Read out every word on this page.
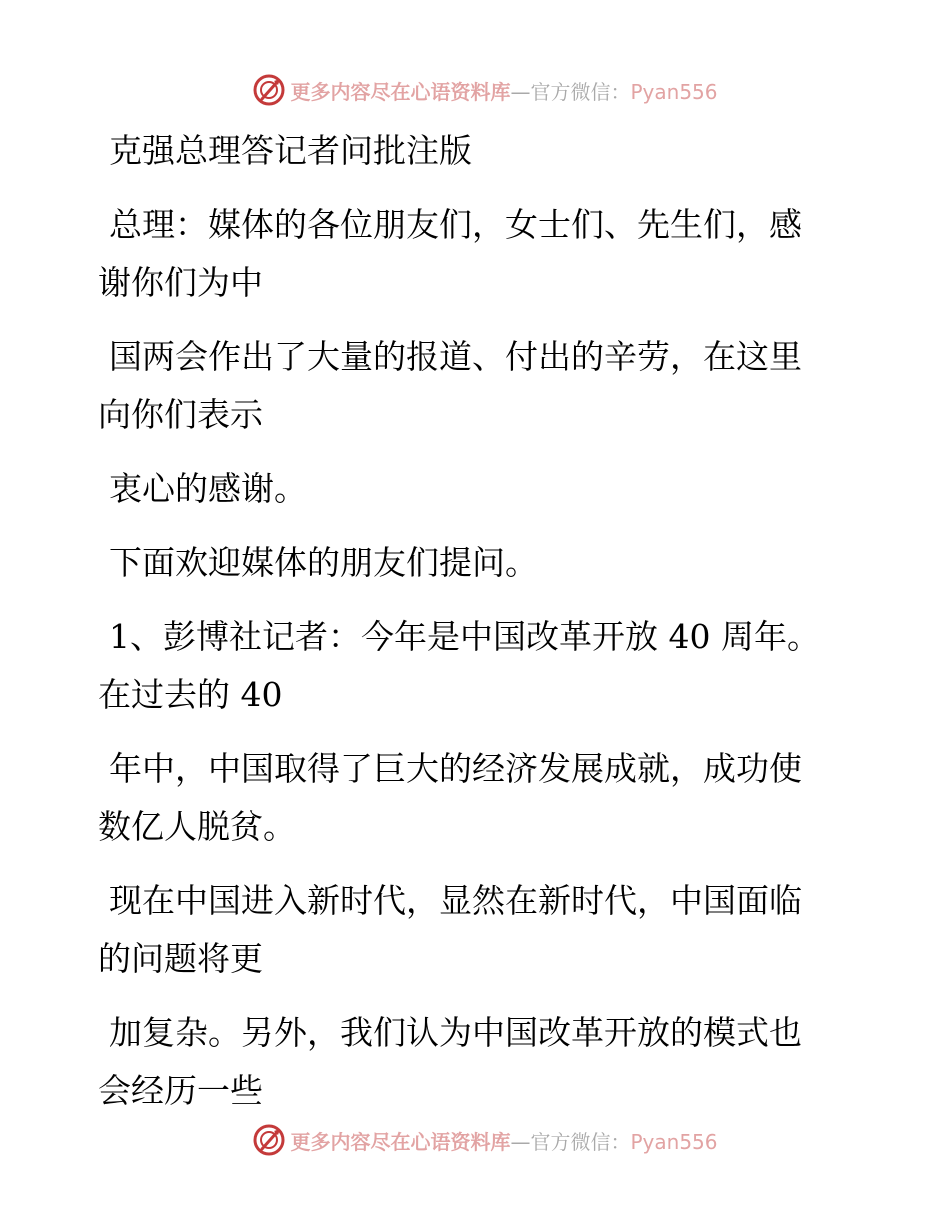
更多内容尽在心语资料库—官方微信：Pyan556
克强总理答记者问批注版
总理：媒体的各位朋友们，女士们、先生们，感
谢你们为中
国两会作出了大量的报道、付出的辛劳，在这里
向你们表示
衷心的感谢。
下面欢迎媒体的朋友们提问。
1、彭博社记者：今年是中国改革开放 40 周年。
在过去的 40
年中，中国取得了巨大的经济发展成就，成功使
数亿人脱贫。
现在中国进入新时代，显然在新时代，中国面临
的问题将更
加复杂。另外，我们认为中国改革开放的模式也
会经历一些
更多内容尽在心语资料库—官方微信：Pyan556
